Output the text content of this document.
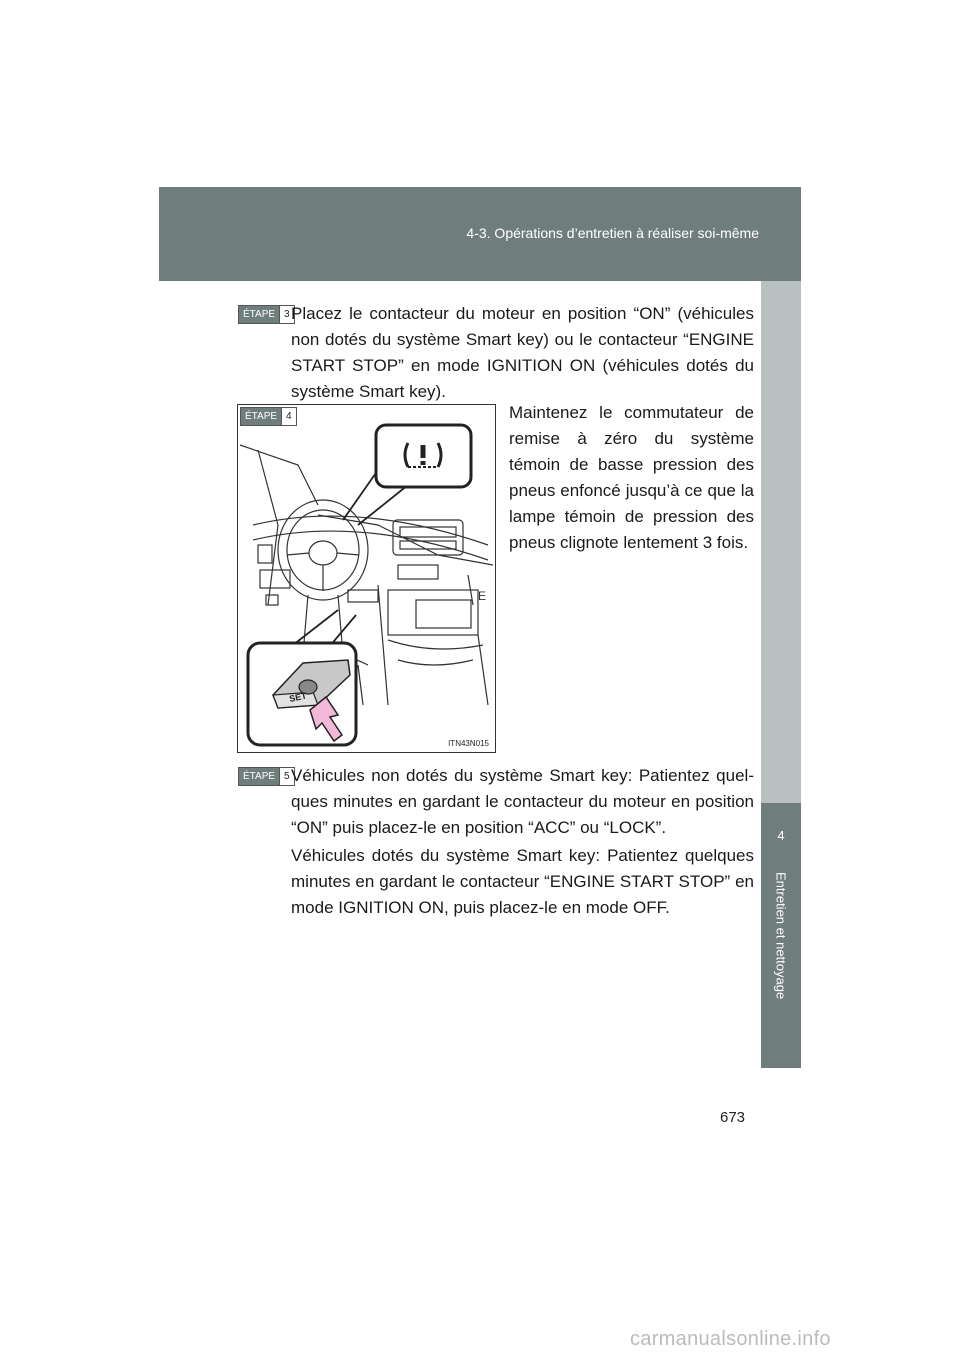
4-3. Opérations d’entretien à réaliser soi-même
4
Entretien et nettoyage
ÉTAPE 3 Placez le contacteur du moteur en position “ON” (véhicules non dotés du système Smart key) ou le contacteur “ENGINE START STOP” en mode IGNITION ON (véhicules dotés du système Smart key).
E
SET
ÉTAPE 4
ITN43N015
Maintenez le commutateur de remise à zéro du système témoin de basse pression des pneus enfoncé jusqu’à ce que la lampe témoin de pression des pneus clignote lentement 3 fois.
ÉTAPE 5 Véhicules non dotés du système Smart key: Patientez quel-ques minutes en gardant le contacteur du moteur en position “ON” puis placez-le en position “ACC” ou “LOCK”.
Véhicules dotés du système Smart key: Patientez quelques minutes en gardant le contacteur “ENGINE START STOP” en mode IGNITION ON, puis placez-le en mode OFF.
673
carmanualsonline.info
